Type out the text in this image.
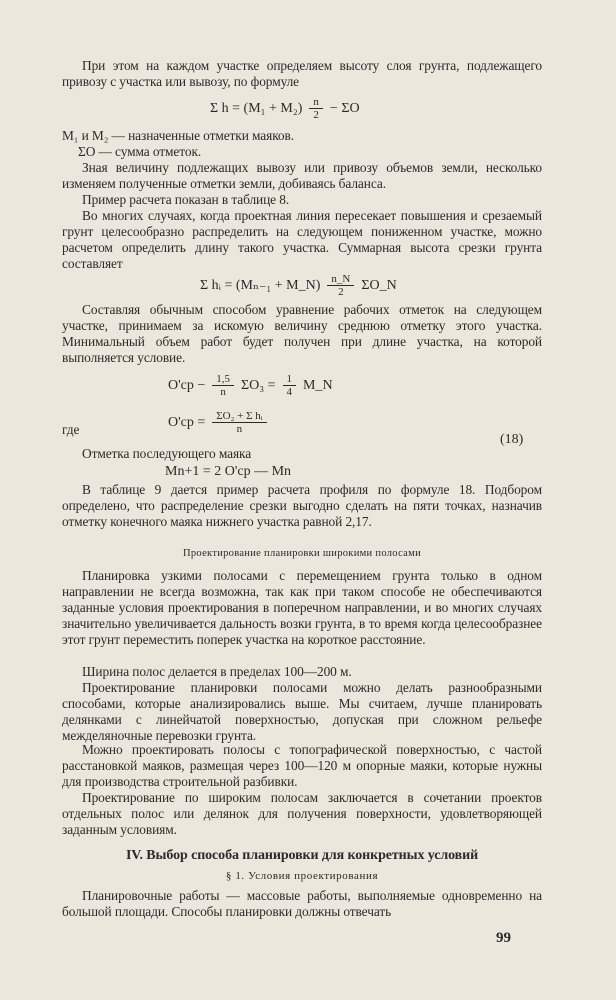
При этом на каждом участке определяем высоту слоя грунта, подлежащего привозу с участка или вывозу, по формуле
Σ $h = (M_1 + M_2) \frac{n}{2} - \Sigma O$
M₁ и M₂ — назначенные отметки маяков.
ΣO — сумма отметок.
Зная величину подлежащих вывозу или привозу объемов земли, несколько изменяем полученные отметки земли, добиваясь баланса.
Пример расчета показан в таблице 8.
Во многих случаях, когда проектная линия пересекает повышения и срезаемый грунт целесообразно распределить на следующем пониженном участке, можно расчетом определить длину такого участка. Суммарная высота срезки грунта составляет
Σ hᵢ = (Mₙ₋₁ + M_N) $\frac{n\_N}{2}$ ΣO_N
Составляя обычным способом уравнение рабочих отметок на следующем участке, принимаем за искомую величину среднюю отметку этого участка. Минимальный объем работ будет получен при длине участка, на которой выполняется условие.
$O'ср - \frac{1,5}{n} \Sigma O_3 = \frac{1}{4}$ M_N
где	$O'ср = \frac{\text{ΣO₂ + Σ hᵢ}}{n}$
(18)
Отметка последующего маяка
Mn+1 = 2 O'ср — Mn
В таблице 9 дается пример расчета профиля по формуле 18. Подбором определено, что распределение срезки выгодно сделать на пяти точках, назначив отметку конечного маяка нижнего участка равной 2,17.
Проектирование планировки широкими полосами
Планировка узкими полосами с перемещением грунта только в одном направлении не всегда возможна, так как при таком способе не обеспечиваются заданные условия проектирования в поперечном направлении, и во многих случаях значительно увеличивается дальность возки грунта, в то время когда целесообразнее этот грунт переместить поперек участка на короткое расстояние.
Ширина полос делается в пределах 100—200 м.
Проектирование планировки полосами можно делать разнообразными способами, которые анализировались выше. Мы считаем, лучше планировать делянками с линейчатой поверхностью, допуская при сложном рельефе межделяночные перевозки грунта.
Можно проектировать полосы с топографической поверхностью, с частой расстановкой маяков, размещая через 100—120 м опорные маяки, которые нужны для производства строительной разбивки.
Проектирование по широким полосам заключается в сочетании проектов отдельных полос или делянок для получения поверхности, удовлетворяющей заданным условиям.
IV. Выбор способа планировки для конкретных условий
§ 1. Условия проектирования
Планировочные работы — массовые работы, выполняемые одновременно на большой площади. Способы планировки должны отвечать
99
